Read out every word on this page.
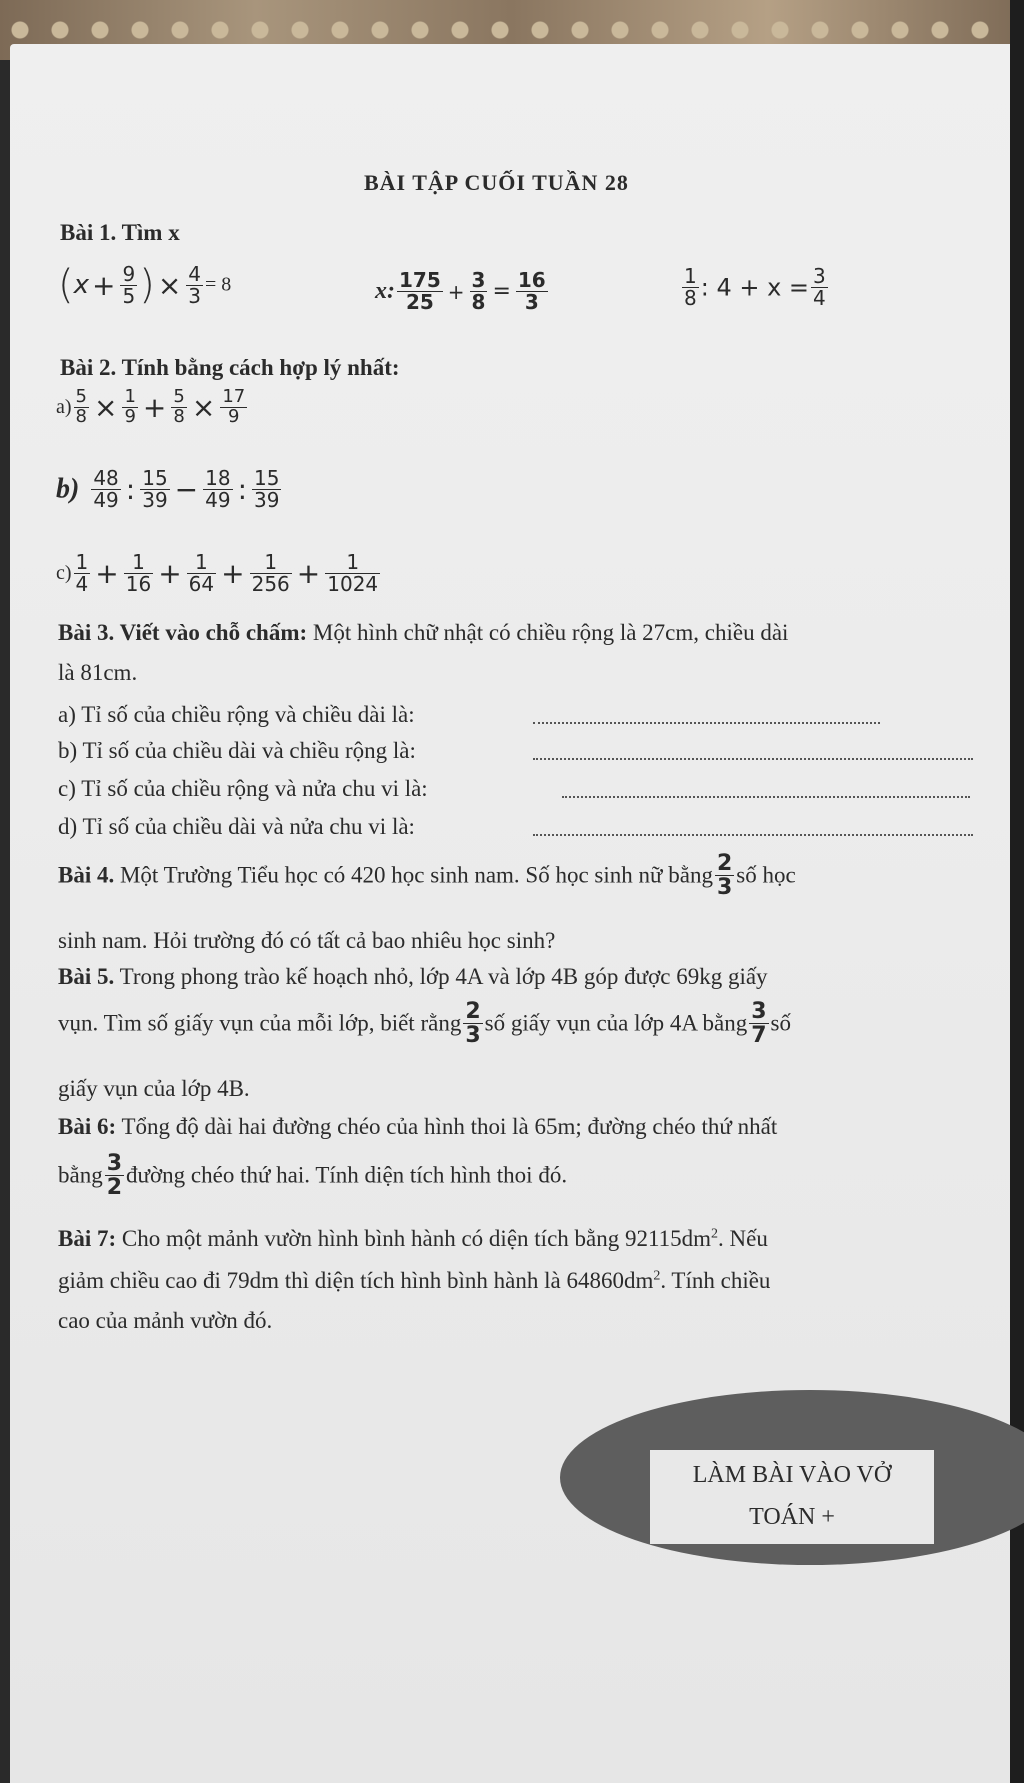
BÀI TẬP CUỐI TUẦN 28
Bài 1. Tìm x
($x + \frac{9}{5}$ ) × $\frac{4}{3} = 8$	x: $\frac{175}{25} + \frac{3}{8} = \frac{16}{3}$	$\frac{1}{8}$ : $4 + x = \frac{3}{4}$
Bài 2. Tính bằng cách hợp lý nhất:
$a) \frac{5}{8} \times \frac{1}{9} + \frac{5}{8} \times \frac{17}{9}$
$b) \frac{48}{49}$ : $\frac{15}{39} - \frac{18}{49}$ : $\frac{15}{39}$
$c) \frac{1}{4} + \frac{1}{16} + \frac{1}{64} + \frac{1}{256} + \frac{1}{1024}$
Bài 3. Viết vào chỗ chấm: Một hình chữ nhật có chiều rộng là 27cm, chiều dài
là 81cm.
a) Tỉ số của chiều rộng và chiều dài là:
b) Tỉ số của chiều dài và chiều rộng là:
c) Tỉ số của chiều rộng và nửa chu vi là:
d) Tỉ số của chiều dài và nửa chu vi là:
Bài 4. Một Trường Tiểu học có 420 học sinh nam. Số học sinh nữ bằng $\frac{2}{3}$ số học
sinh nam. Hỏi trường đó có tất cả bao nhiêu học sinh?
Bài 5. Trong phong trào kế hoạch nhỏ, lớp 4A và lớp 4B góp được 69kg giấy
vụn. Tìm số giấy vụn của mỗi lớp, biết rằng $\frac{2}{3}$ số giấy vụn của lớp 4A bằng $\frac{3}{7}$ số
giấy vụn của lớp 4B.
Bài 6: Tổng độ dài hai đường chéo của hình thoi là 65m; đường chéo thứ nhất
bằng $\frac{3}{2}$ đường chéo thứ hai. Tính diện tích hình thoi đó.
Bài 7: Cho một mảnh vườn hình bình hành có diện tích bằng $92115dm^2$. Nếu
giảm chiều cao đi 79dm thì diện tích hình bình hành là $64860dm^2$. Tính chiều
cao của mảnh vườn đó.
LÀM BÀI VÀO VỞ
TOÁN +
